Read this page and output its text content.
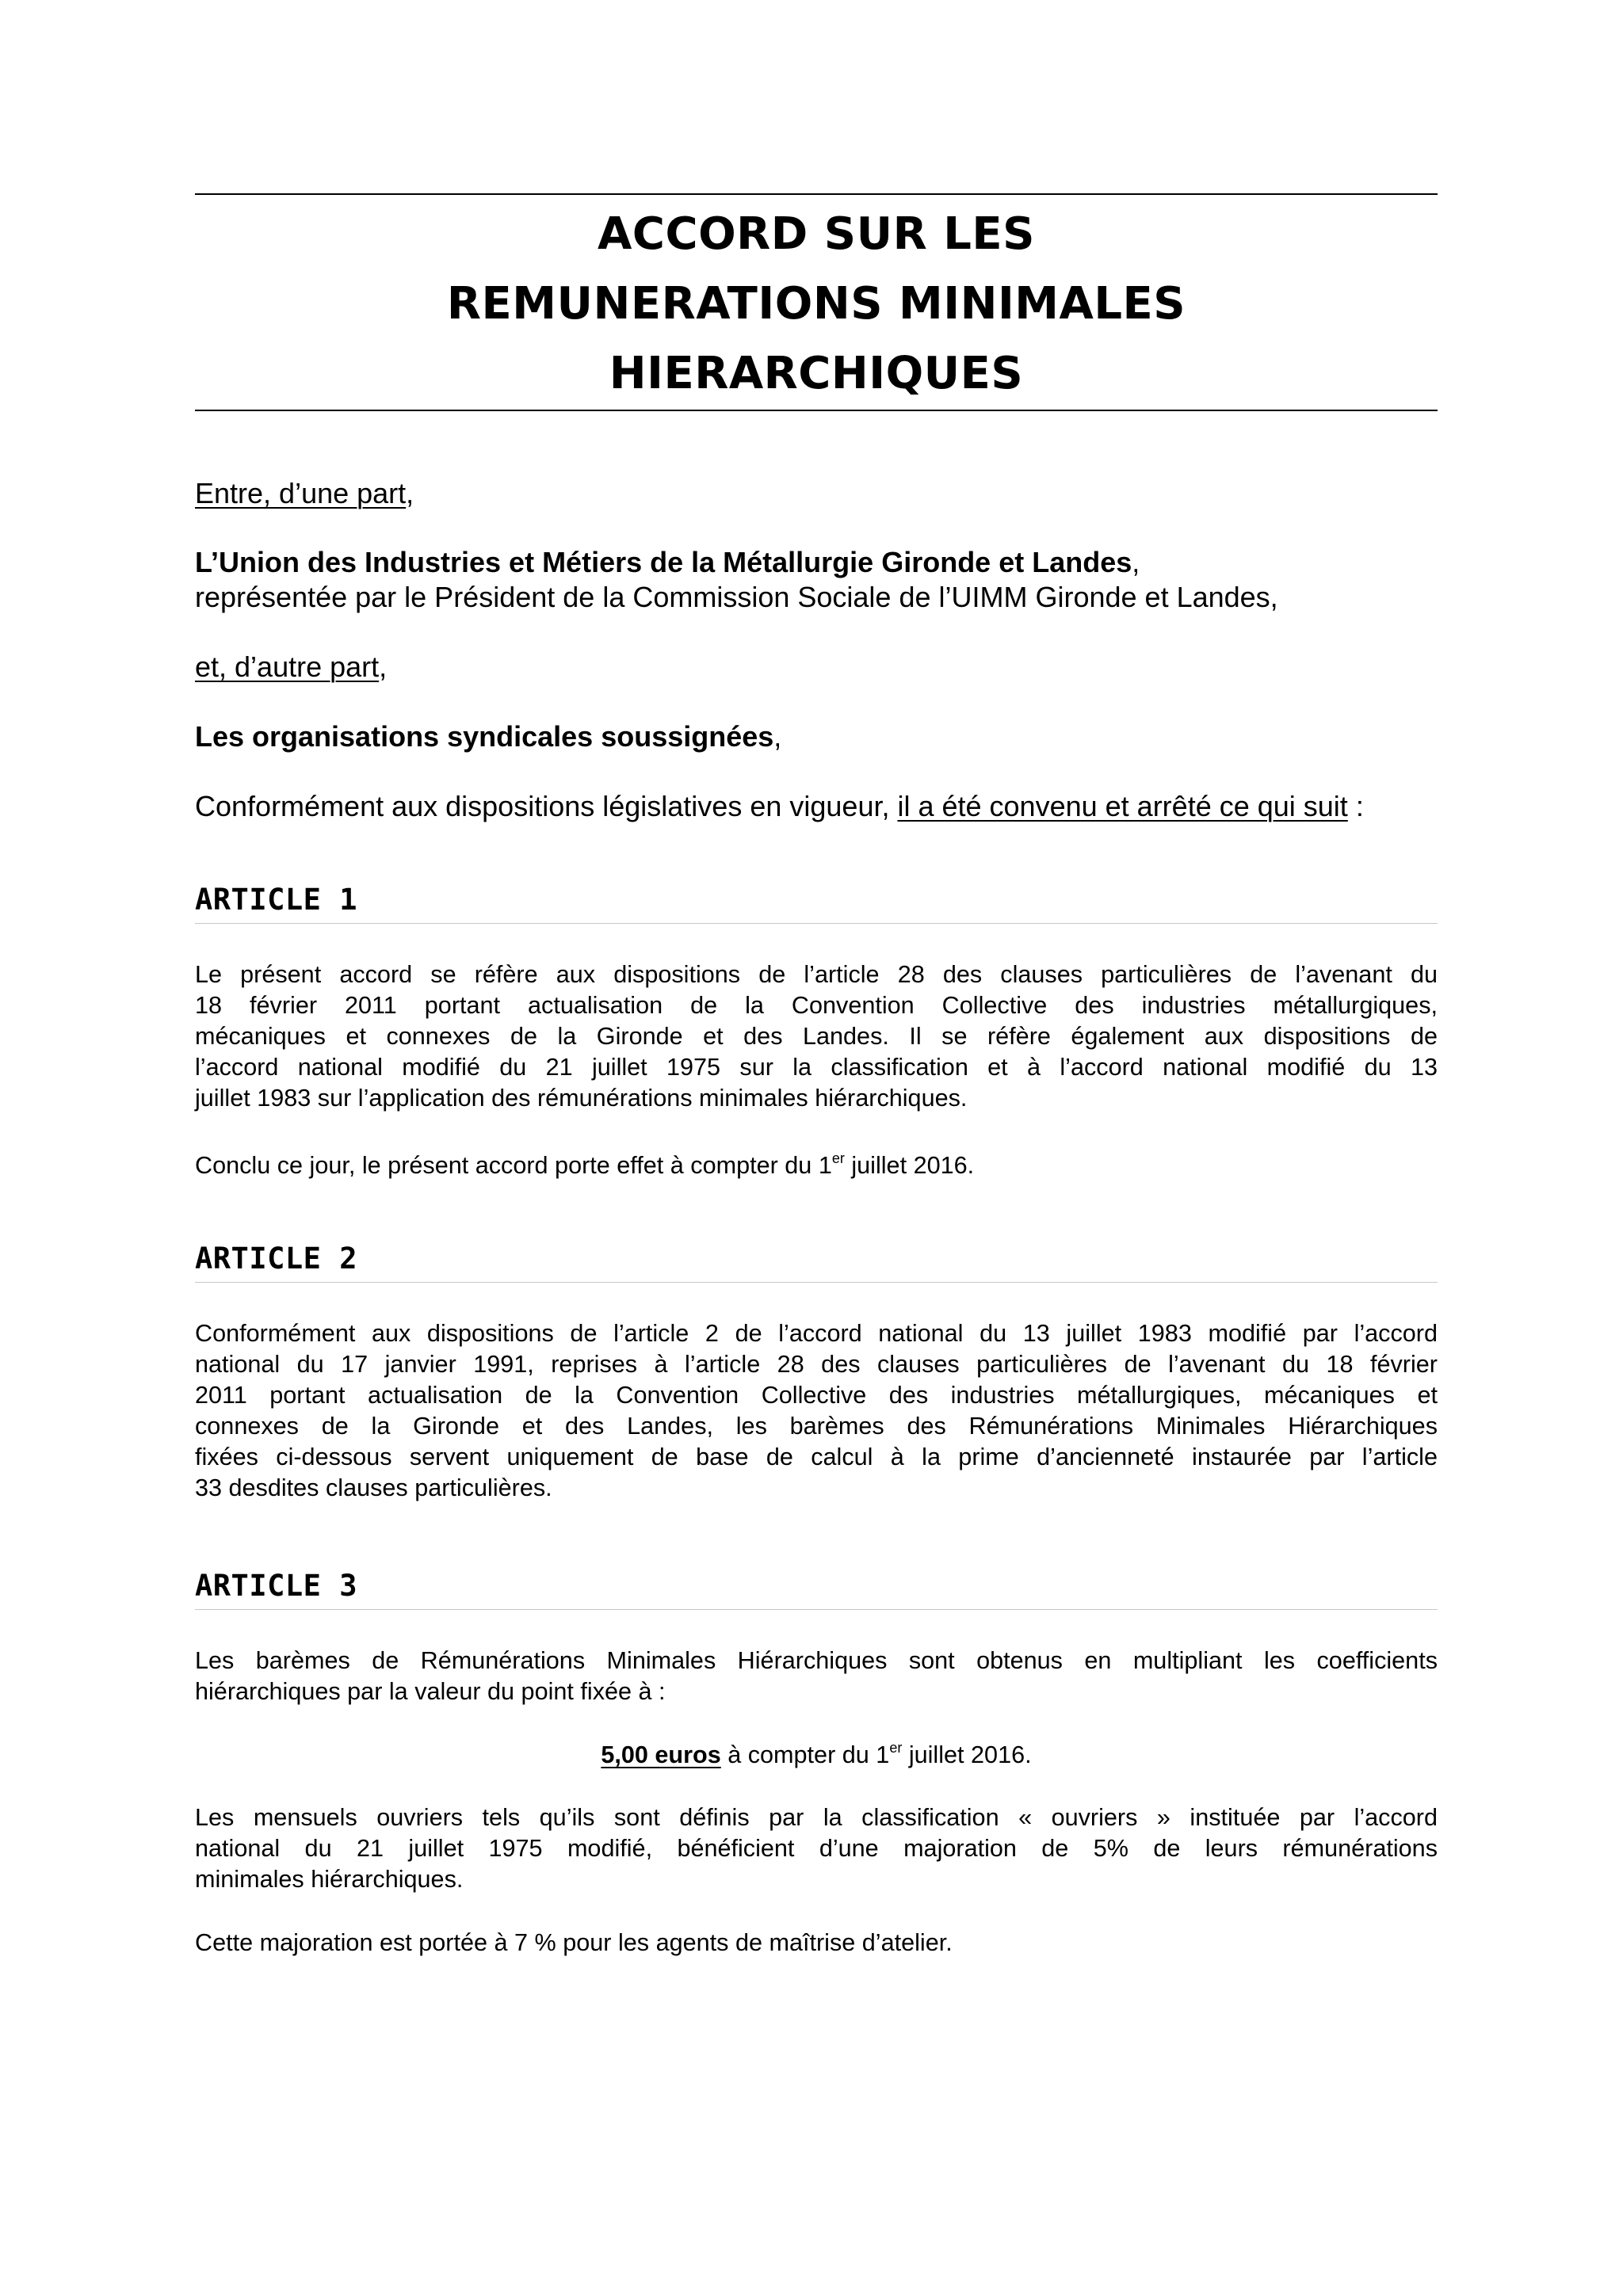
ACCORD SUR LES
REMUNERATIONS MINIMALES
HIERARCHIQUES
Entre, d’une part,
L’Union des Industries et Métiers de la Métallurgie Gironde et Landes,
représentée par le Président de la Commission Sociale de l’UIMM Gironde et Landes,
et, d’autre part,
Les organisations syndicales soussignées,
Conformément aux dispositions législatives en vigueur, il a été convenu et arrêté ce qui suit :
ARTICLE 1
Le présent accord se réfère aux dispositions de l’article 28 des clauses particulières de l’avenant du
18 février 2011 portant actualisation de la Convention Collective des industries métallurgiques,
mécaniques et connexes de la Gironde et des Landes. Il se réfère également aux dispositions de
l’accord national modifié du 21 juillet 1975 sur la classification et à l’accord national modifié du 13
juillet 1983 sur l’application des rémunérations minimales hiérarchiques.
Conclu ce jour, le présent accord porte effet à compter du 1er juillet 2016.
ARTICLE 2
Conformément aux dispositions de l’article 2 de l’accord national du 13 juillet 1983 modifié par l’accord
national du 17 janvier 1991, reprises à l’article 28 des clauses particulières de l’avenant du 18 février
2011 portant actualisation de la Convention Collective des industries métallurgiques, mécaniques et
connexes de la Gironde et des Landes, les barèmes des Rémunérations Minimales Hiérarchiques
fixées ci-dessous servent uniquement de base de calcul à la prime d’ancienneté instaurée par l’article
33 desdites clauses particulières.
ARTICLE 3
Les barèmes de Rémunérations Minimales Hiérarchiques sont obtenus en multipliant les coefficients
hiérarchiques par la valeur du point fixée à :
5,00 euros à compter du 1er juillet 2016.
Les mensuels ouvriers tels qu’ils sont définis par la classification « ouvriers » instituée par l’accord
national du 21 juillet 1975 modifié, bénéficient d’une majoration de 5% de leurs rémunérations
minimales hiérarchiques.
Cette majoration est portée à 7 % pour les agents de maîtrise d’atelier.
